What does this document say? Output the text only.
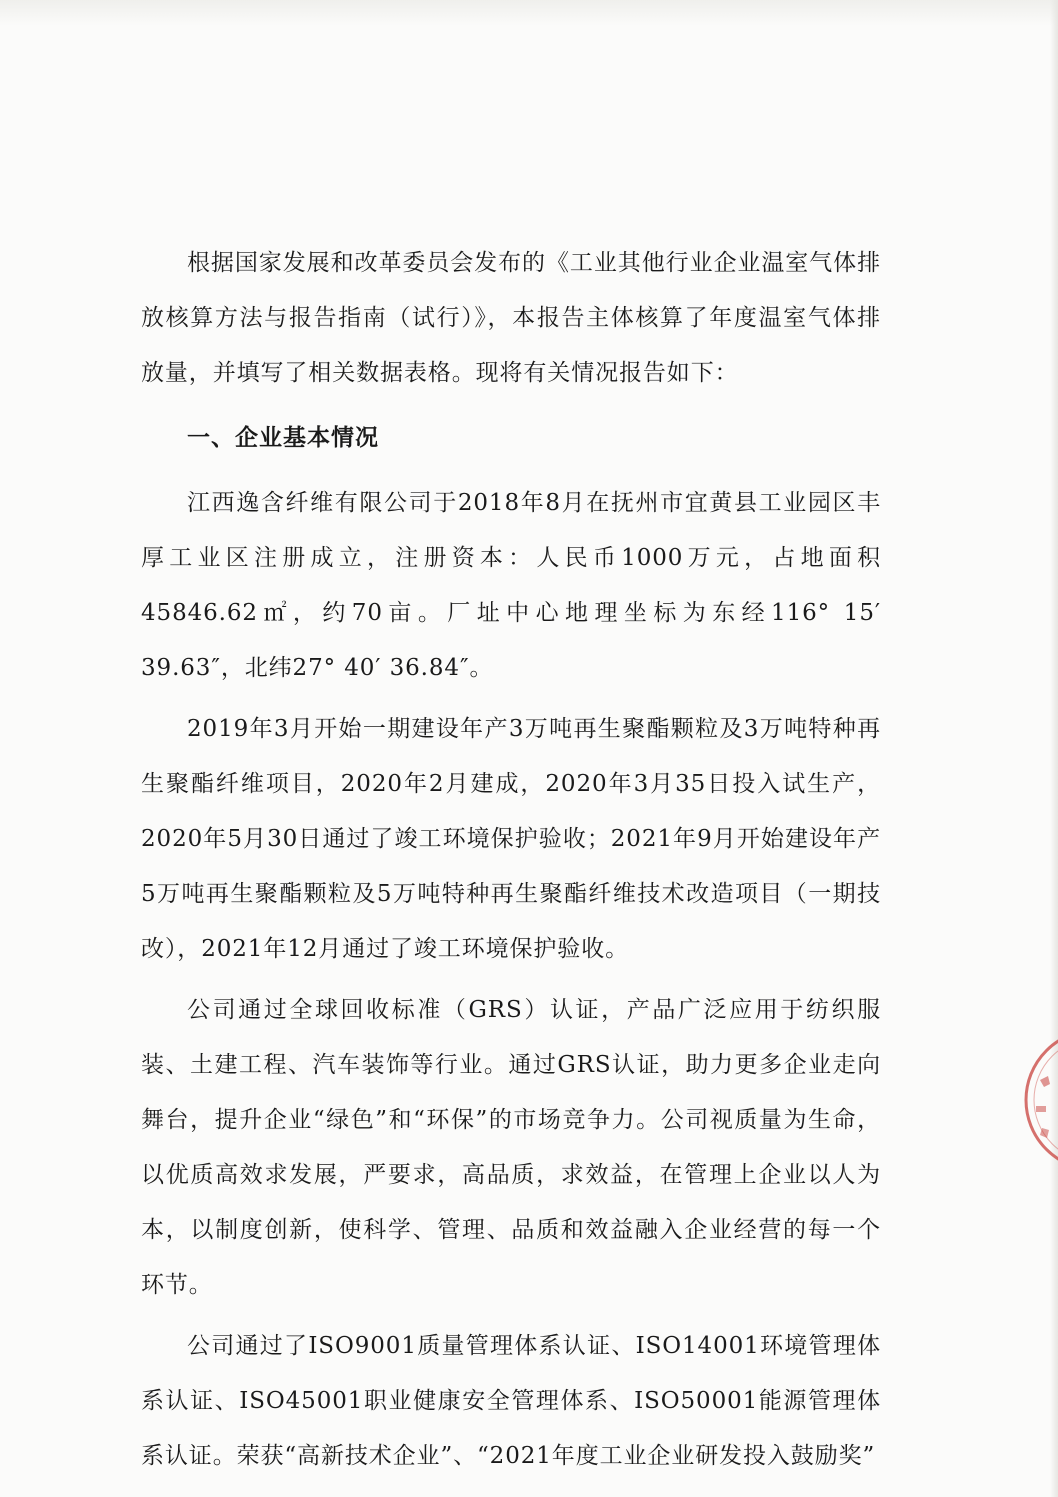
根据国家发展和改革委员会发布的《工业其他行业企业温室气体排放核算方法与报告指南（试行）》，本报告主体核算了年度温室气体排放量，并填写了相关数据表格。现将有关情况报告如下：

一、企业基本情况

江西逸含纤维有限公司于2018年8月在抚州市宜黄县工业园区丰厚工业区注册成立，注册资本：人民币1000万元，占地面积45846.62㎡，约70亩。厂址中心地理坐标为东经116° 15′ 39.63″，北纬27° 40′ 36.84″。

2019年3月开始一期建设年产3万吨再生聚酯颗粒及3万吨特种再生聚酯纤维项目，2020年2月建成，2020年3月35日投入试生产，2020年5月30日通过了竣工环境保护验收；2021年9月开始建设年产5万吨再生聚酯颗粒及5万吨特种再生聚酯纤维技术改造项目（一期技改），2021年12月通过了竣工环境保护验收。

公司通过全球回收标准（GRS）认证，产品广泛应用于纺织服装、土建工程、汽车装饰等行业。通过GRS认证，助力更多企业走向舞台，提升企业“绿色”和“环保”的市场竞争力。公司视质量为生命，以优质高效求发展，严要求，高品质，求效益，在管理上企业以人为本，以制度创新，使科学、管理、品质和效益融入企业经营的每一个环节。

公司通过了ISO9001质量管理体系认证、ISO14001环境管理体系认证、ISO45001职业健康安全管理体系、ISO50001能源管理体系认证。荣获“高新技术企业”、“2021年度工业企业研发投入鼓励奖”
